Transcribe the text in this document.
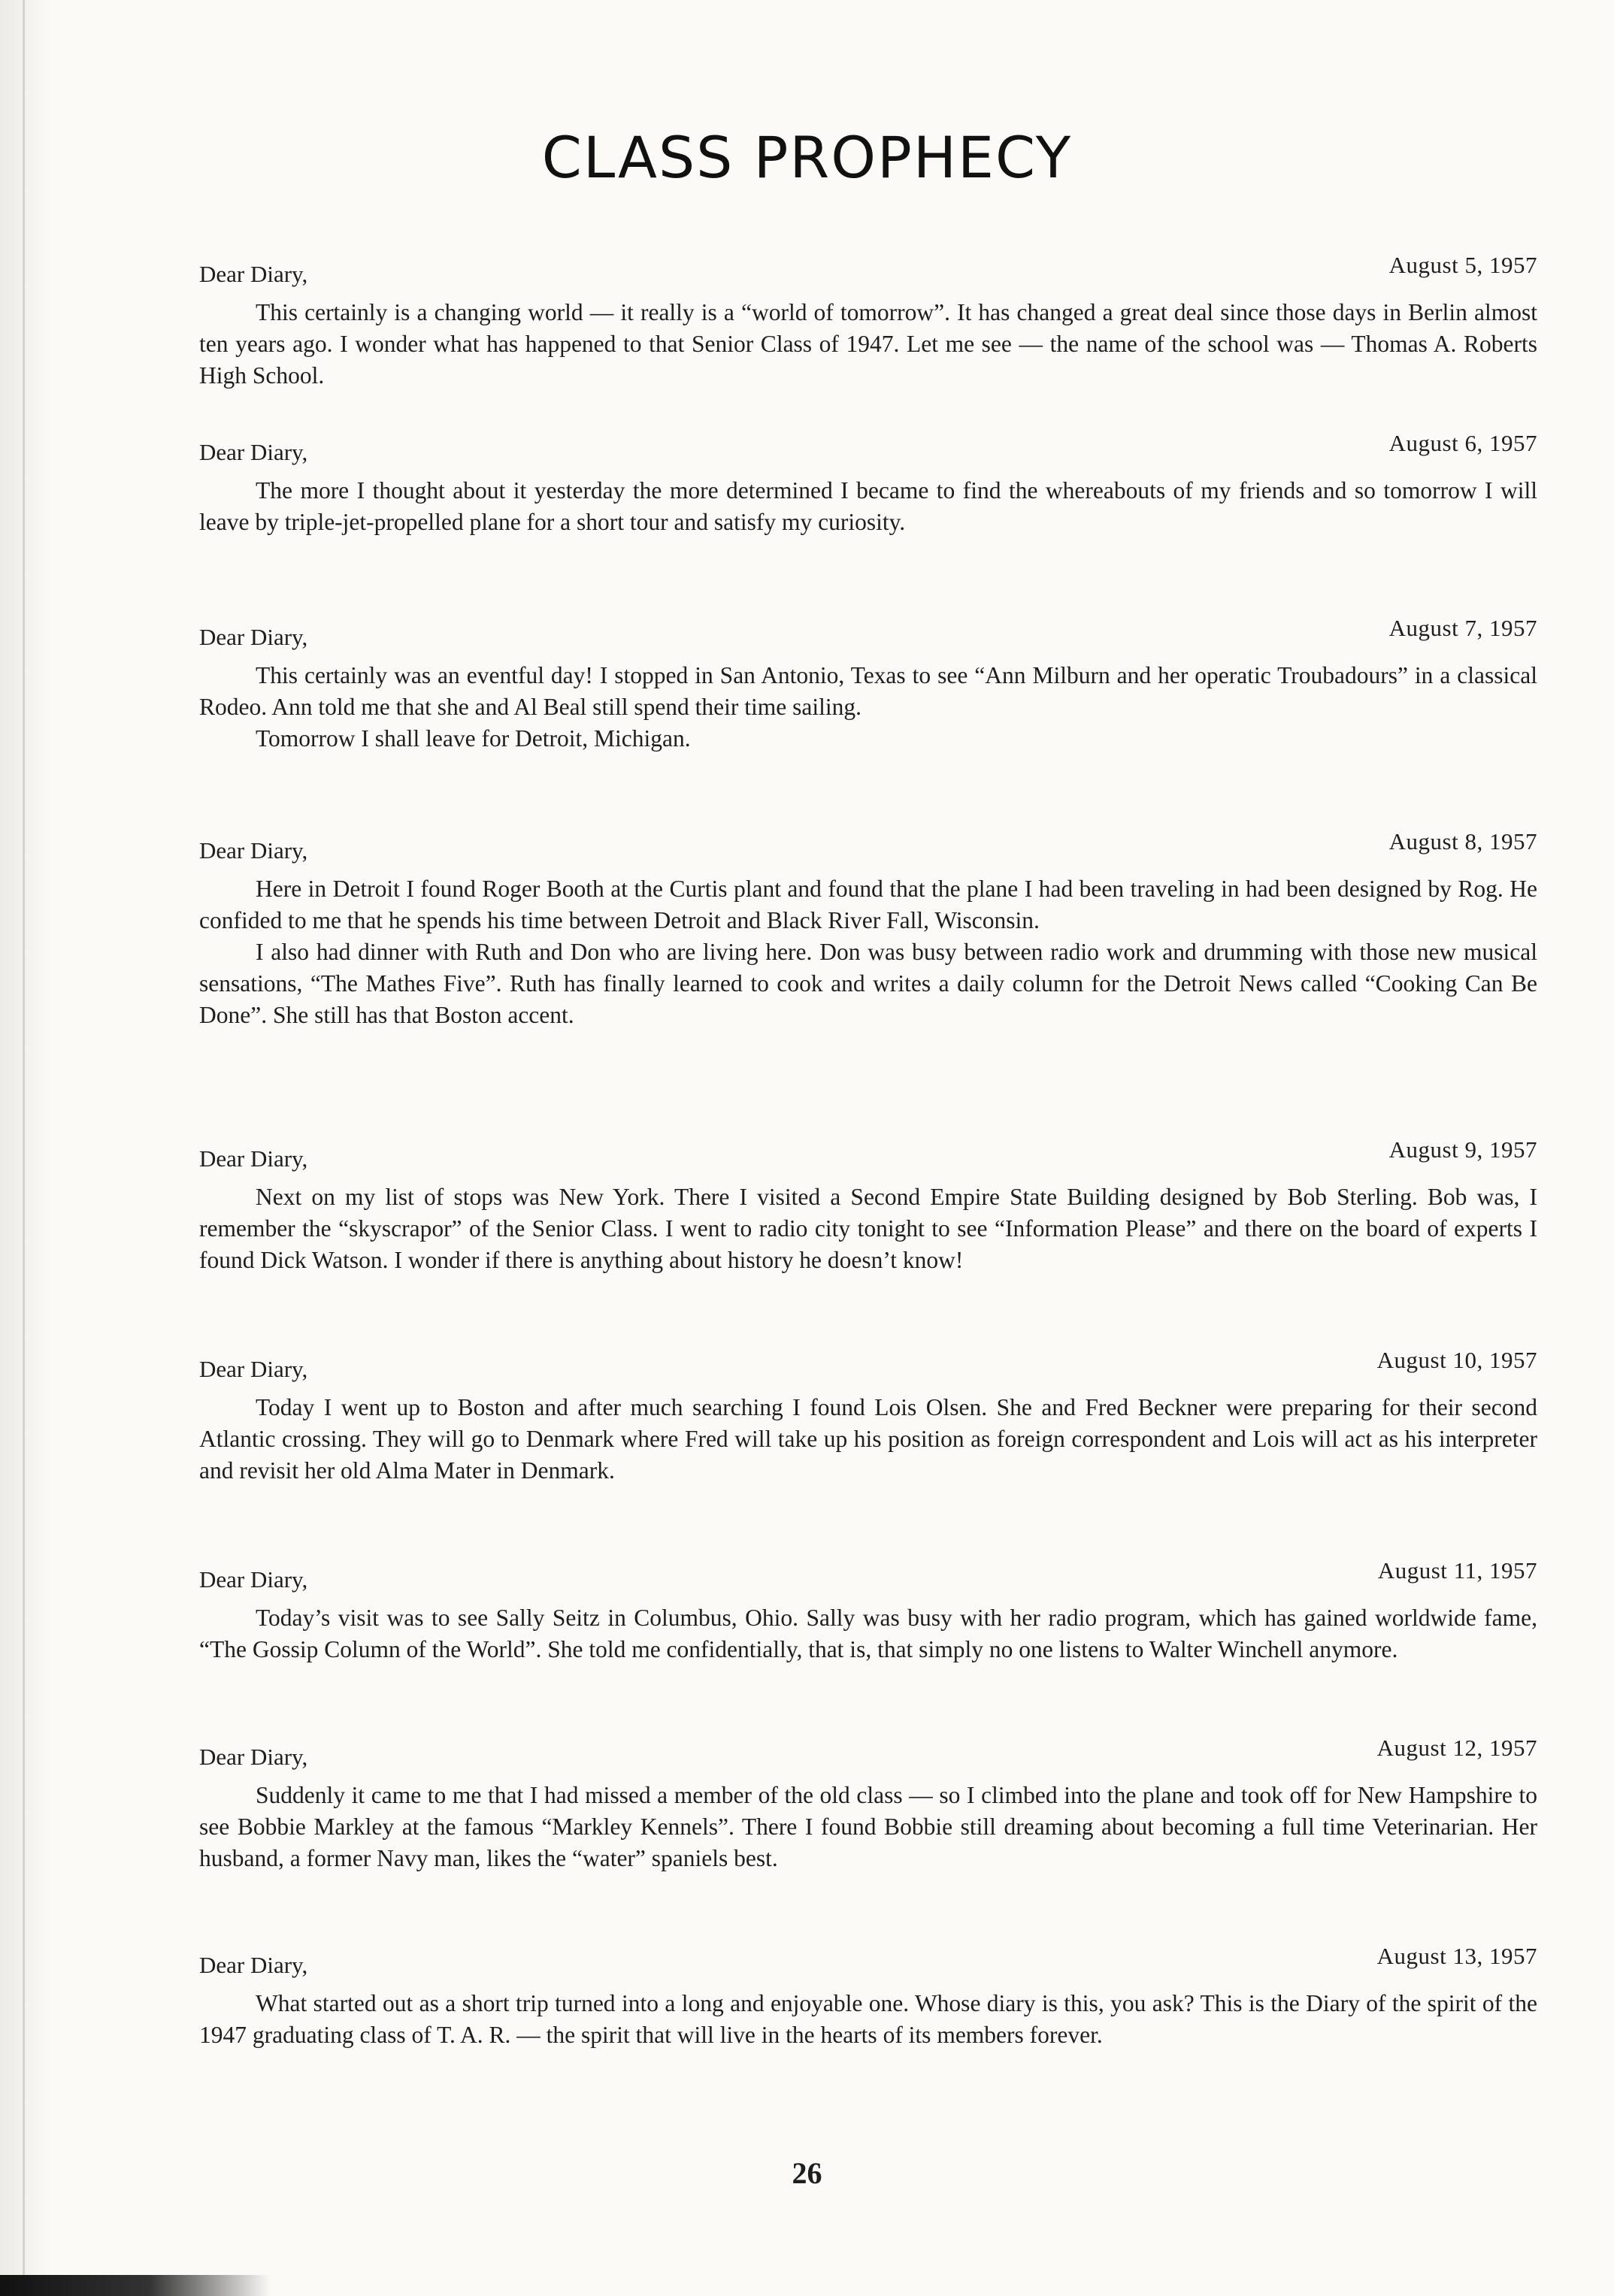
CLASS PROPHECY
Dear Diary,	August 5, 1957

This certainly is a changing world — it really is a “world of tomorrow”. It has changed a great deal since those days in Berlin almost ten years ago. I wonder what has happened to that Senior Class of 1947. Let me see — the name of the school was — Thomas A. Roberts High School.

Dear Diary,	August 6, 1957

The more I thought about it yesterday the more determined I became to find the whereabouts of my friends and so tomorrow I will leave by triple-jet-propelled plane for a short tour and satisfy my curiosity.

Dear Diary,	August 7, 1957

This certainly was an eventful day! I stopped in San Antonio, Texas to see “Ann Milburn and her operatic Troubadours” in a classical Rodeo. Ann told me that she and Al Beal still spend their time sailing.

Tomorrow I shall leave for Detroit, Michigan.

Dear Diary,	August 8, 1957

Here in Detroit I found Roger Booth at the Curtis plant and found that the plane I had been traveling in had been designed by Rog. He confided to me that he spends his time between Detroit and Black River Fall, Wisconsin.

I also had dinner with Ruth and Don who are living here. Don was busy between radio work and drumming with those new musical sensations, “The Mathes Five”. Ruth has finally learned to cook and writes a daily column for the Detroit News called “Cooking Can Be Done”. She still has that Boston accent.

Dear Diary,	August 9, 1957

Next on my list of stops was New York. There I visited a Second Empire State Building designed by Bob Sterling. Bob was, I remember the “skyscrapor” of the Senior Class. I went to radio city tonight to see “Information Please” and there on the board of experts I found Dick Watson. I wonder if there is anything about history he doesn’t know!

Dear Diary,	August 10, 1957

Today I went up to Boston and after much searching I found Lois Olsen. She and Fred Beckner were preparing for their second Atlantic crossing. They will go to Denmark where Fred will take up his position as foreign correspondent and Lois will act as his interpreter and revisit her old Alma Mater in Denmark.

Dear Diary,	August 11, 1957

Today’s visit was to see Sally Seitz in Columbus, Ohio. Sally was busy with her radio program, which has gained worldwide fame, “The Gossip Column of the World”. She told me confidentially, that is, that simply no one listens to Walter Winchell anymore.

Dear Diary,	August 12, 1957

Suddenly it came to me that I had missed a member of the old class — so I climbed into the plane and took off for New Hampshire to see Bobbie Markley at the famous “Markley Kennels”. There I found Bobbie still dreaming about becoming a full time Veterinarian. Her husband, a former Navy man, likes the “water” spaniels best.

Dear Diary,	August 13, 1957

What started out as a short trip turned into a long and enjoyable one. Whose diary is this, you ask? This is the Diary of the spirit of the 1947 graduating class of T. A. R. — the spirit that will live in the hearts of its members forever.

26
